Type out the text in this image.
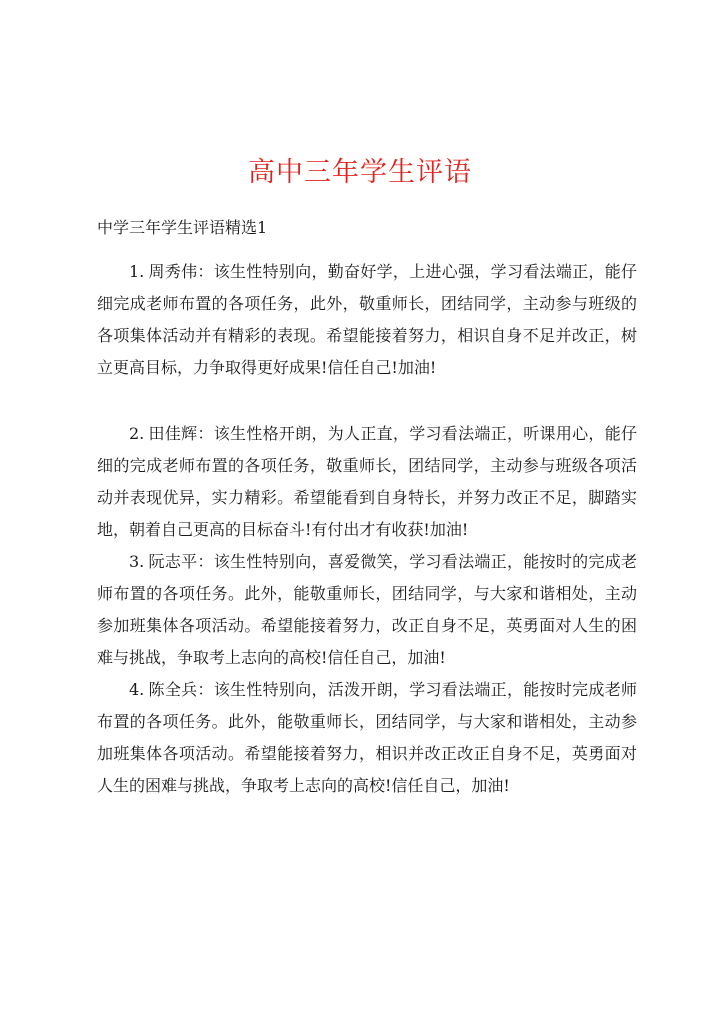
高中三年学生评语

中学三年学生评语精选1

1. 周秀伟：该生性特别向，勤奋好学，上进心强，学习看法端正，能仔细完成老师布置的各项任务，此外，敬重师长，团结同学，主动参与班级的各项集体活动并有精彩的表现。希望能接着努力，相识自身不足并改正，树立更高目标，力争取得更好成果!信任自己!加油!

2. 田佳辉：该生性格开朗，为人正直，学习看法端正，听课用心，能仔细的完成老师布置的各项任务，敬重师长，团结同学，主动参与班级各项活动并表现优异，实力精彩。希望能看到自身特长，并努力改正不足，脚踏实地，朝着自己更高的目标奋斗!有付出才有收获!加油!

3. 阮志平：该生性特别向，喜爱微笑，学习看法端正，能按时的完成老师布置的各项任务。此外，能敬重师长，团结同学，与大家和谐相处，主动参加班集体各项活动。希望能接着努力，改正自身不足，英勇面对人生的困难与挑战，争取考上志向的高校!信任自己，加油!

4. 陈全兵：该生性特别向，活泼开朗，学习看法端正，能按时完成老师布置的各项任务。此外，能敬重师长，团结同学，与大家和谐相处，主动参加班集体各项活动。希望能接着努力，相识并改正改正自身不足，英勇面对人生的困难与挑战，争取考上志向的高校!信任自己，加油!
